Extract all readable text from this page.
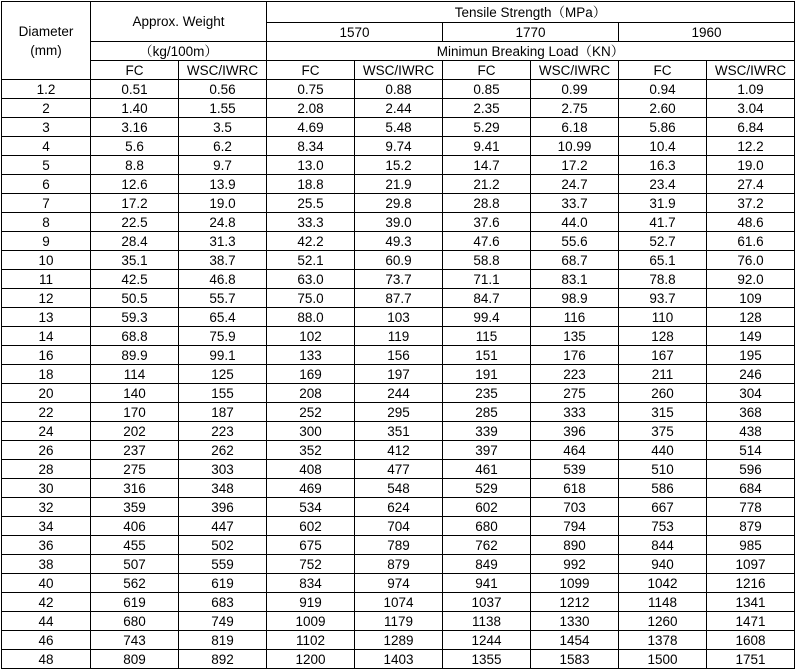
Diameter
(mm)	Approx. Weight		Tensile Strength（MPa）					
			1570		1770		1960	
	（kg/100m）		Minimun Breaking Load（KN）					
	FC	WSC/IWRC	FC	WSC/IWRC	FC	WSC/IWRC	FC	WSC/IWRC
1.2	0.51	0.56	0.75	0.88	0.85	0.99	0.94	1.09
2	1.40	1.55	2.08	2.44	2.35	2.75	2.60	3.04
3	3.16	3.5	4.69	5.48	5.29	6.18	5.86	6.84
4	5.6	6.2	8.34	9.74	9.41	10.99	10.4	12.2
5	8.8	9.7	13.0	15.2	14.7	17.2	16.3	19.0
6	12.6	13.9	18.8	21.9	21.2	24.7	23.4	27.4
7	17.2	19.0	25.5	29.8	28.8	33.7	31.9	37.2
8	22.5	24.8	33.3	39.0	37.6	44.0	41.7	48.6
9	28.4	31.3	42.2	49.3	47.6	55.6	52.7	61.6
10	35.1	38.7	52.1	60.9	58.8	68.7	65.1	76.0
11	42.5	46.8	63.0	73.7	71.1	83.1	78.8	92.0
12	50.5	55.7	75.0	87.7	84.7	98.9	93.7	109
13	59.3	65.4	88.0	103	99.4	116	110	128
14	68.8	75.9	102	119	115	135	128	149
16	89.9	99.1	133	156	151	176	167	195
18	114	125	169	197	191	223	211	246
20	140	155	208	244	235	275	260	304
22	170	187	252	295	285	333	315	368
24	202	223	300	351	339	396	375	438
26	237	262	352	412	397	464	440	514
28	275	303	408	477	461	539	510	596
30	316	348	469	548	529	618	586	684
32	359	396	534	624	602	703	667	778
34	406	447	602	704	680	794	753	879
36	455	502	675	789	762	890	844	985
38	507	559	752	879	849	992	940	1097
40	562	619	834	974	941	1099	1042	1216
42	619	683	919	1074	1037	1212	1148	1341
44	680	749	1009	1179	1138	1330	1260	1471
46	743	819	1102	1289	1244	1454	1378	1608
48	809	892	1200	1403	1355	1583	1500	1751
